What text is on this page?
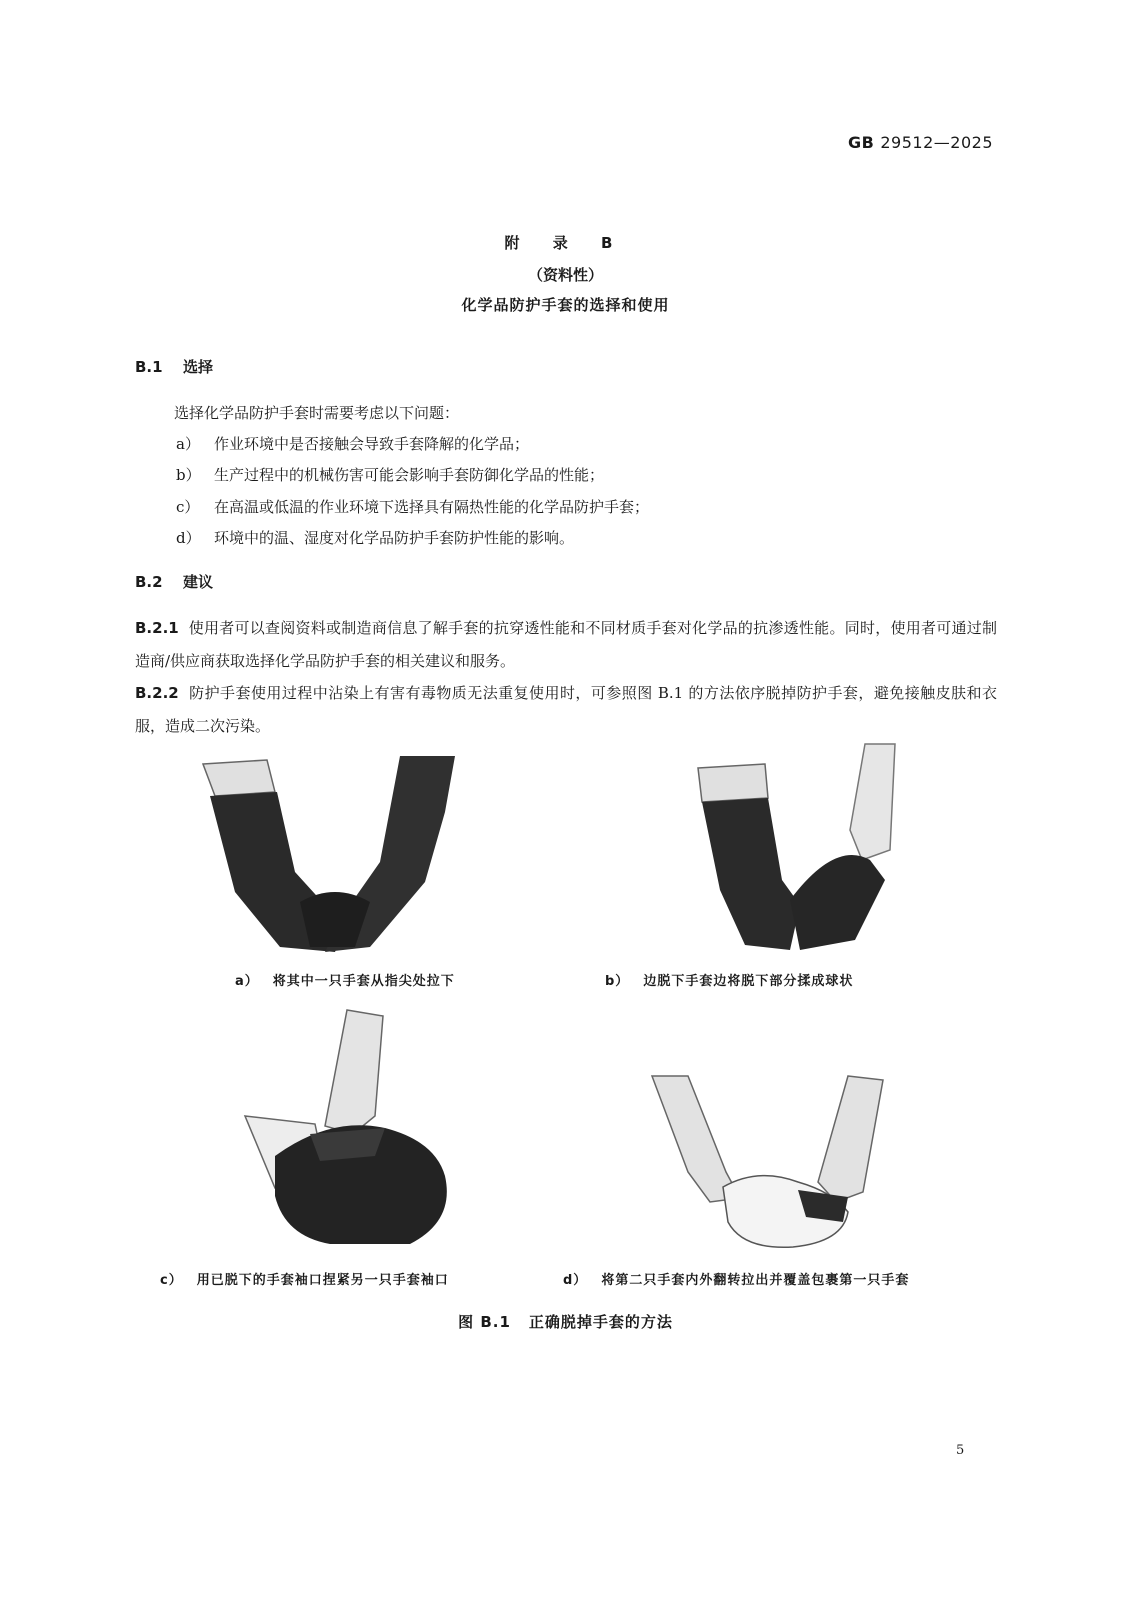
GB 29512—2025
附 录 B
（资料性）
化学品防护手套的选择和使用
B.1 选择
选择化学品防护手套时需要考虑以下问题：
a） 作业环境中是否接触会导致手套降解的化学品；
b） 生产过程中的机械伤害可能会影响手套防御化学品的性能；
c） 在高温或低温的作业环境下选择具有隔热性能的化学品防护手套；
d） 环境中的温、湿度对化学品防护手套防护性能的影响。
B.2 建议
B.2.1 使用者可以查阅资料或制造商信息了解手套的抗穿透性能和不同材质手套对化学品的抗渗透性能。同时，使用者可通过制造商/供应商获取选择化学品防护手套的相关建议和服务。
B.2.2 防护手套使用过程中沾染上有害有毒物质无法重复使用时，可参照图 B.1 的方法依序脱掉防护手套，避免接触皮肤和衣服，造成二次污染。
a） 将其中一只手套从指尖处拉下	b） 边脱下手套边将脱下部分揉成球状
c） 用已脱下的手套袖口捏紧另一只手套袖口	d） 将第二只手套内外翻转拉出并覆盖包裹第一只手套
图 B.1 正确脱掉手套的方法
5
